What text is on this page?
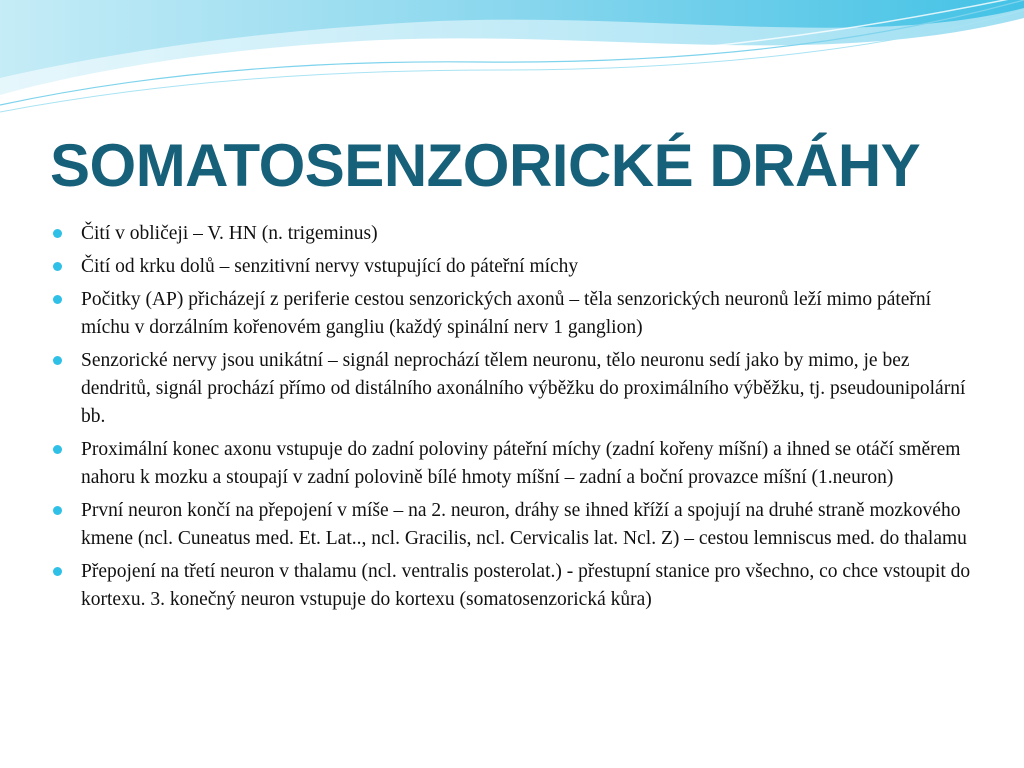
SOMATOSENZORICKÉ DRÁHY
Čití v obličeji – V. HN (n. trigeminus)
Čití od krku dolů – senzitivní nervy vstupující do páteřní míchy
Počitky (AP) přicházejí z periferie cestou senzorických axonů – těla senzorických neuronů leží mimo páteřní míchu v dorzálním kořenovém gangliu (každý spinální nerv 1 ganglion)
Senzorické nervy jsou unikátní – signál neprochází tělem neuronu, tělo neuronu sedí jako by mimo, je bez dendritů, signál prochází přímo od distálního axonálního výběžku do proximálního výběžku, tj. pseudounipolární bb.
Proximální konec axonu vstupuje do zadní poloviny páteřní míchy (zadní kořeny míšní) a ihned se otáčí směrem nahoru k mozku a stoupají v zadní polovině bílé hmoty míšní – zadní a boční provazce míšní (1.neuron)
První neuron končí na přepojení v míše – na 2. neuron, dráhy se ihned kříží a spojují na druhé straně mozkového kmene (ncl. Cuneatus med. Et. Lat.., ncl. Gracilis, ncl. Cervicalis lat. Ncl. Z) – cestou lemniscus med. do thalamu
Přepojení na třetí neuron v thalamu (ncl. ventralis posterolat.) - přestupní stanice pro všechno, co chce vstoupit do kortexu. 3. konečný neuron vstupuje do kortexu (somatosenzorická kůra)
